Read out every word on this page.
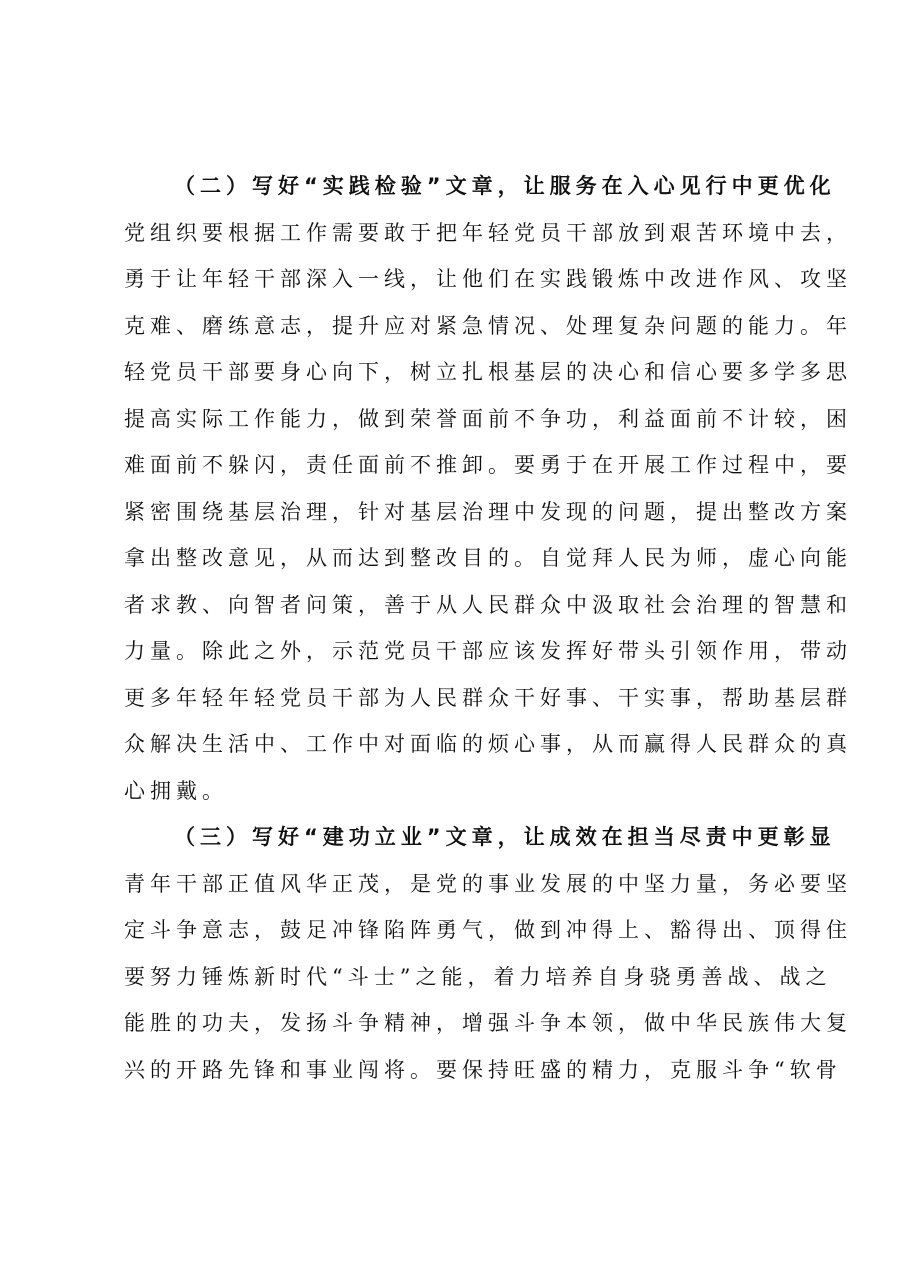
（二）写好“实践检验”文章，让服务在入心见行中更优化
党组织要根据工作需要敢于把年轻党员干部放到艰苦环境中去，
勇于让年轻干部深入一线，让他们在实践锻炼中改进作风、攻坚
克难、磨练意志，提升应对紧急情况、处理复杂问题的能力。年
轻党员干部要身心向下，树立扎根基层的决心和信心要多学多思
提高实际工作能力，做到荣誉面前不争功，利益面前不计较，困
难面前不躲闪，责任面前不推卸。要勇于在开展工作过程中，要
紧密围绕基层治理，针对基层治理中发现的问题，提出整改方案
拿出整改意见，从而达到整改目的。自觉拜人民为师，虚心向能
者求教、向智者问策，善于从人民群众中汲取社会治理的智慧和
力量。除此之外，示范党员干部应该发挥好带头引领作用，带动
更多年轻年轻党员干部为人民群众干好事、干实事，帮助基层群
众解决生活中、工作中对面临的烦心事，从而赢得人民群众的真
心拥戴。
（三）写好“建功立业”文章，让成效在担当尽责中更彰显
青年干部正值风华正茂，是党的事业发展的中坚力量，务必要坚
定斗争意志，鼓足冲锋陷阵勇气，做到冲得上、豁得出、顶得住
要努力锤炼新时代“斗士”之能，着力培养自身骁勇善战、战之
能胜的功夫，发扬斗争精神，增强斗争本领，做中华民族伟大复
兴的开路先锋和事业闯将。要保持旺盛的精力，克服斗争“软骨
